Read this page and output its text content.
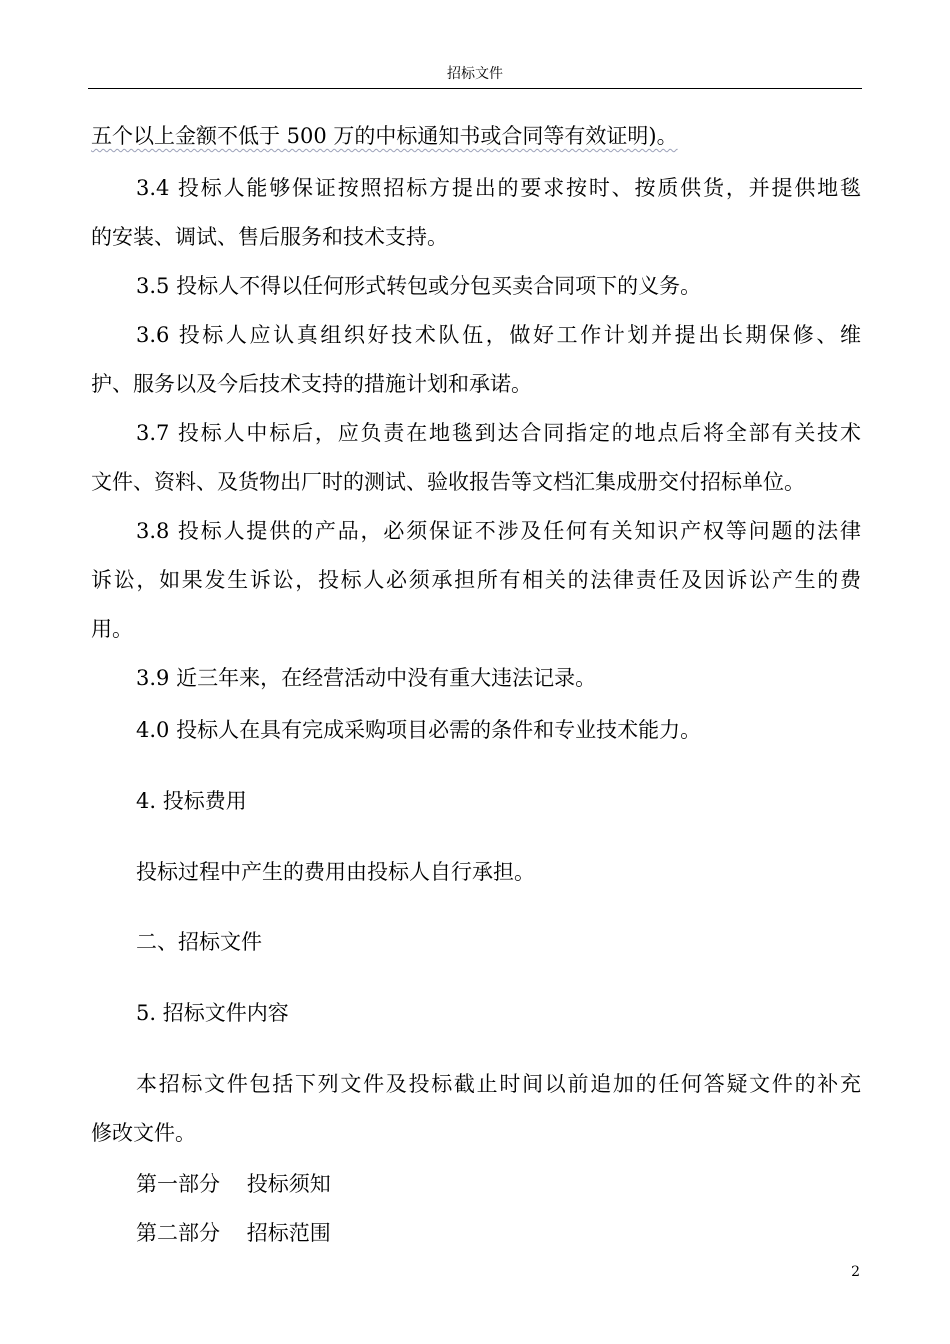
招标文件
五个以上金额不低于 500 万的中标通知书或合同等有效证明)。
3.4 投标人能够保证按照招标方提出的要求按时、按质供货，并提供地毯
的安装、调试、售后服务和技术支持。
3.5 投标人不得以任何形式转包或分包买卖合同项下的义务。
3.6 投标人应认真组织好技术队伍，做好工作计划并提出长期保修、维
护、服务以及今后技术支持的措施计划和承诺。
3.7 投标人中标后，应负责在地毯到达合同指定的地点后将全部有关技术
文件、资料、及货物出厂时的测试、验收报告等文档汇集成册交付招标单位。
3.8 投标人提供的产品，必须保证不涉及任何有关知识产权等问题的法律
诉讼，如果发生诉讼，投标人必须承担所有相关的法律责任及因诉讼产生的费
用。
3.9 近三年来，在经营活动中没有重大违法记录。
4.0 投标人在具有完成采购项目必需的条件和专业技术能力。
4. 投标费用
投标过程中产生的费用由投标人自行承担。
二、招标文件
5. 招标文件内容
本招标文件包括下列文件及投标截止时间以前追加的任何答疑文件的补充
修改文件。
第一部分    投标须知
第二部分    招标范围
2
